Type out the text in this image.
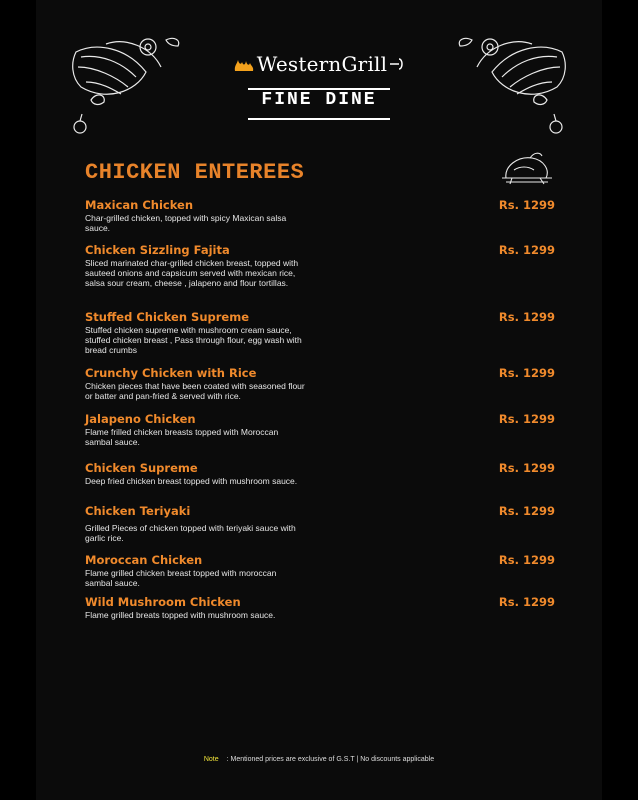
WesternGrill
FINE DINE
CHICKEN ENTEREES
Maxican Chicken
Char-grilled chicken, topped with spicy Maxican salsa sauce.
Rs. 1299
Chicken Sizzling Fajita
Sliced marinated char-grilled chicken breast, topped with sauteed onions and capsicum served with mexican rice, salsa sour cream, cheese , jalapeno and flour tortillas.
Rs. 1299
Stuffed Chicken Supreme
Stuffed chicken supreme with mushroom cream sauce, stuffed chicken breast , Pass through flour, egg wash with bread crumbs
Rs. 1299
Crunchy Chicken with Rice
Chicken pieces that have been coated with seasoned flour or batter and pan-fried & served with rice.
Rs. 1299
Jalapeno Chicken
Flame frilled chicken breasts topped with Moroccan sambal sauce.
Rs. 1299
Chicken Supreme
Deep fried chicken breast topped with mushroom sauce.
Rs. 1299
Chicken Teriyaki
Grilled Pieces of chicken topped with teriyaki sauce with garlic rice.
Rs. 1299
Moroccan Chicken
Flame grilled chicken breast topped with moroccan sambal sauce.
Rs. 1299
Wild Mushroom Chicken
Flame grilled breats topped with mushroom sauce.
Rs. 1299
Note : Mentioned prices are exclusive of G.S.T | No discounts applicable
